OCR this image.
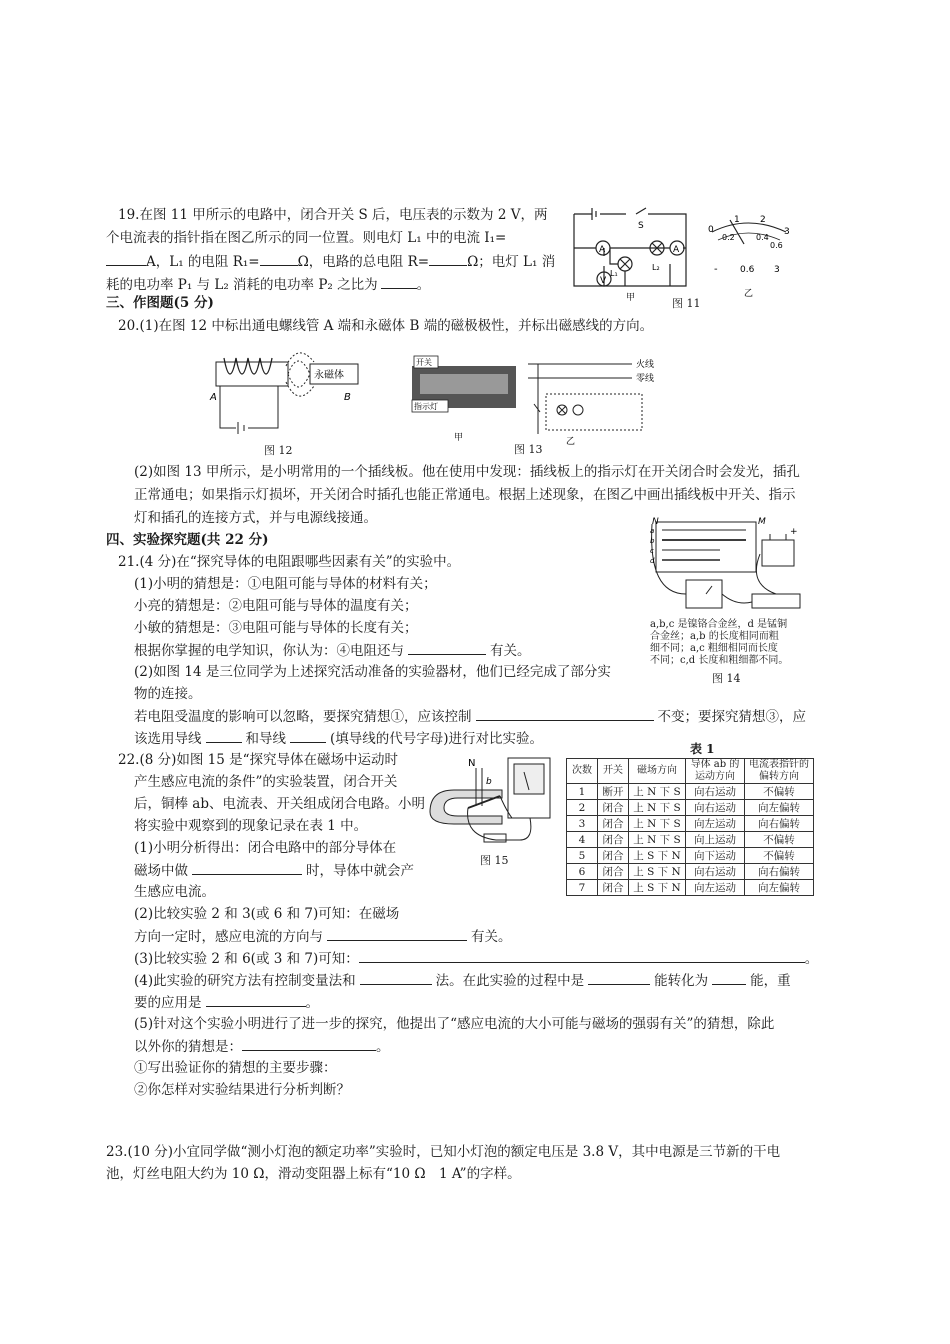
19.在图 11 甲所示的电路中，闭合开关 S 后，电压表的示数为 2 V，两
个电流表的指针指在图乙所示的同一位置。则电灯 L₁ 中的电流 I₁=
A，L₁ 的电阻 R₁=	Ω，电路的总电阻 R=	Ω；电灯 L₁ 消
耗的电功率 P₁ 与 L₂ 消耗的电功率 P₂ 之比为	。
S
A	A
V
L₁
L₂
甲
0
1 2
3
0.2	0.4
0.6
- 0.6 3
乙
图 11
三、作图题(5 分)
20.(1)在图 12 中标出通电螺线管 A 端和永磁体 B 端的磁极极性，并标出磁感线的方向。
永磁体
A	B
图 12
开关
指示灯
甲
火线
零线
乙
图 13
(2)如图 13 甲所示，是小明常用的一个插线板。他在使用中发现：插线板上的指示灯在开关闭合时会发光，插孔
正常通电；如果指示灯损坏，开关闭合时插孔也能正常通电。根据上述现象，在图乙中画出插线板中开关、指示
灯和插孔的连接方式，并与电源线接通。
四、实验探究题(共 22 分)
21.(4 分)在“探究导体的电阻跟哪些因素有关”的实验中。
(1)小明的猜想是：①电阻可能与导体的材料有关；
小亮的猜想是：②电阻可能与导体的温度有关；
小敏的猜想是：③电阻可能与导体的长度有关；
根据你掌握的电学知识，你认为：④电阻还与	有关。
(2)如图 14 是三位同学为上述探究活动准备的实验器材，他们已经完成了部分实
物的连接。
若电阻受温度的影响可以忽略，要探究猜想①，应该控制	不变；要探究猜想③，应
该选用导线	和导线	(填导线的代号字母)进行对比实验。
N	M
a
b
c
d
+
a,b,c 是镍铬合金丝，d 是锰铜
合金丝；a,b 的长度相同而粗
细不同；a,c 粗细相同而长度
不同；c,d 长度和粗细都不同。
图 14
22.(8 分)如图 15 是“探究导体在磁场中运动时
产生感应电流的条件”的实验装置，闭合开关
后，铜棒 ab、电流表、开关组成闭合电路。小明
将实验中观察到的现象记录在表 1 中。
(1)小明分析得出：闭合电路中的部分导体在
磁场中做	时，导体中就会产
生感应电流。
(2)比较实验 2 和 3(或 6 和 7)可知：在磁场
方向一定时，感应电流的方向与	有关。
(3)比较实验 2 和 6(或 3 和 7)可知：	。
(4)此实验的研究方法有控制变量法和	法。在此实验的过程中是	能转化为	能，重
要的应用是	。
(5)针对这个实验小明进行了进一步的探究，他提出了“感应电流的大小可能与磁场的强弱有关”的猜想，除此
以外你的猜想是：	。
①写出验证你的猜想的主要步骤：
②你怎样对实验结果进行分析判断？
N
b
图 15
表 1
次数	开关	磁场方向	导体 ab 的运动方向	电流表指针的偏转方向
1	断开	上 N 下 S	向右运动	不偏转
2	闭合	上 N 下 S	向右运动	向左偏转
3	闭合	上 N 下 S	向左运动	向右偏转
4	闭合	上 N 下 S	向上运动	不偏转
5	闭合	上 S 下 N	向下运动	不偏转
6	闭合	上 S 下 N	向右运动	向右偏转
7	闭合	上 S 下 N	向左运动	向左偏转
23.(10 分)小宜同学做“测小灯泡的额定功率”实验时，已知小灯泡的额定电压是 3.8 V，其中电源是三节新的干电
池，灯丝电阻大约为 10 Ω，滑动变阻器上标有“10 Ω　1 A”的字样。
